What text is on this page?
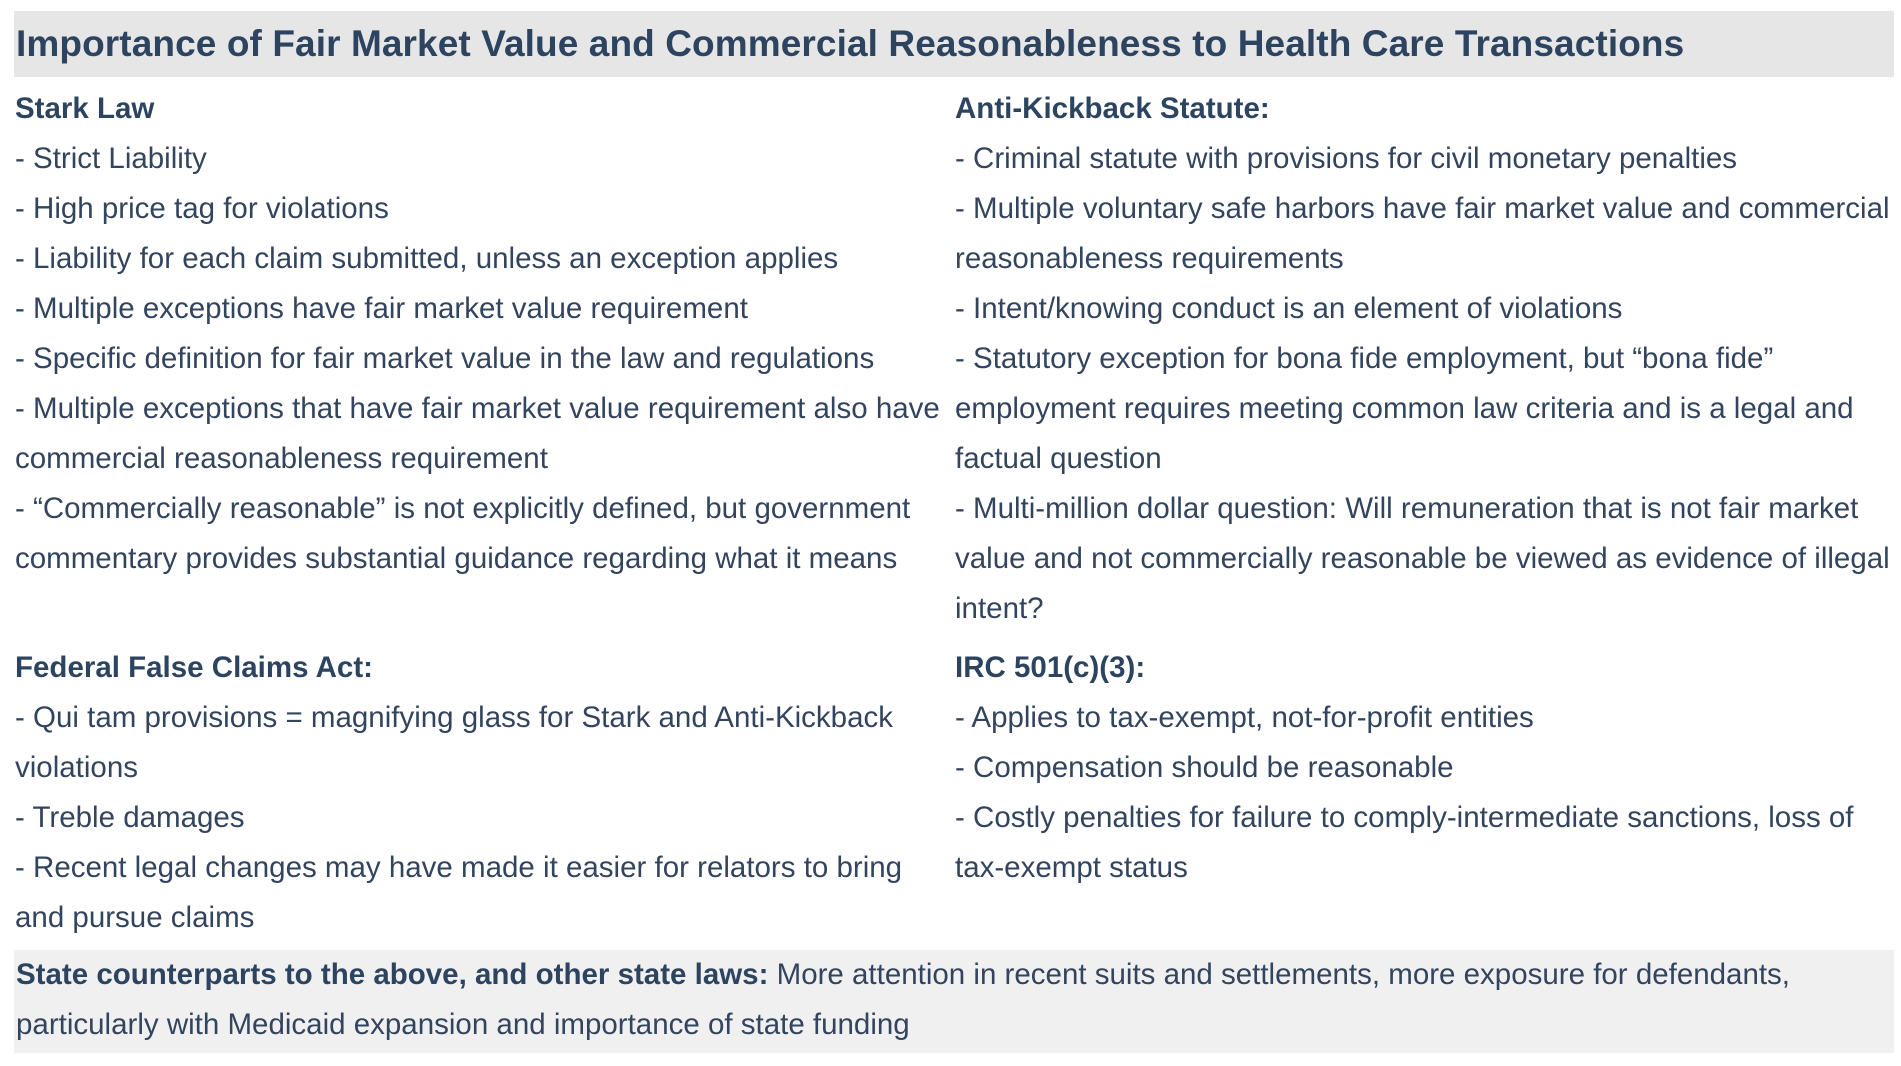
Importance of Fair Market Value and Commercial Reasonableness to Health Care Transactions
Stark Law
- Strict Liability
- High price tag for violations
- Liability for each claim submitted, unless an exception applies
- Multiple exceptions have fair market value requirement
- Specific definition for fair market value in the law and regulations
- Multiple exceptions that have fair market value requirement also have commercial reasonableness requirement
- “Commercially reasonable” is not explicitly defined, but government commentary provides substantial guidance regarding what it means
Anti-Kickback Statute:
- Criminal statute with provisions for civil monetary penalties
- Multiple voluntary safe harbors have fair market value and commercial reasonableness requirements
- Intent/knowing conduct is an element of violations
- Statutory exception for bona fide employment, but “bona fide” employment requires meeting common law criteria and is a legal and factual question
- Multi-million dollar question: Will remuneration that is not fair market value and not commercially reasonable be viewed as evidence of illegal intent?
Federal False Claims Act:
- Qui tam provisions = magnifying glass for Stark and Anti-Kickback violations
- Treble damages
- Recent legal changes may have made it easier for relators to bring and pursue claims
IRC 501(c)(3):
- Applies to tax-exempt, not-for-profit entities
- Compensation should be reasonable
- Costly penalties for failure to comply-intermediate sanctions, loss of tax-exempt status
State counterparts to the above, and other state laws: More attention in recent suits and settlements, more exposure for defendants, particularly with Medicaid expansion and importance of state funding
